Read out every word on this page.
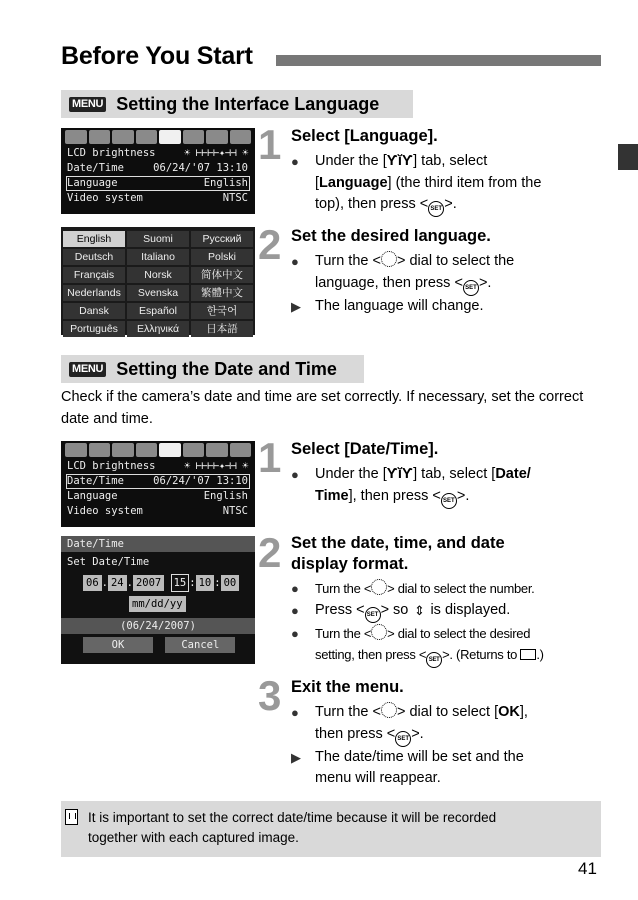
Before You Start
MENU Setting the Interface Language
LCD brightness	☀ ⊢⊢⊢⊢✦⊣⊣ ☀
Date/Time	06/24/'07 13:10
Language	English
Video system	NTSC
English	Suomi	Русский
Deutsch	Italiano	Polski
Français	Norsk	简体中文
Nederlands	Svenska	繁體中文
Dansk	Español	한국어
Português	Ελληνικά	日本語
1 Select [Language].
●	Under the [ƳĭƳ] tab, select
[Language] (the third item from the
top), then press < SET >.
2 Set the desired language.
●	Turn the < > dial to select the
language, then press < SET >.
▶ The language will change.
MENU Setting the Date and Time
Check if the camera’s date and time are set correctly. If necessary, set the correct date and time.
LCD brightness	☀ ⊢⊢⊢⊢✦⊣⊣ ☀
Date/Time	06/24/'07 13:10
Language	English
Video system	NTSC
Date/Time
Set Date/Time
06 . 24 . 2007 15 : 10 : 00
mm/dd/yy
(06/24/2007)
OK	Cancel
1 Select [Date/Time].
●	Under the [ƳĭƳ] tab, select [Date/
Time], then press < SET >.
2 Set the date, time, and date
display format.
●	Turn the < > dial to select the number.
●	Press < SET > so ⇕ is displayed.
●	Turn the < > dial to select the desired
setting, then press < SET >. (Returns to .)
3 Exit the menu.
●	Turn the < > dial to select [OK],
then press < SET >.
▶ The date/time will be set and the
menu will reappear.
It is important to set the correct date/time because it will be recorded
together with each captured image.
41
